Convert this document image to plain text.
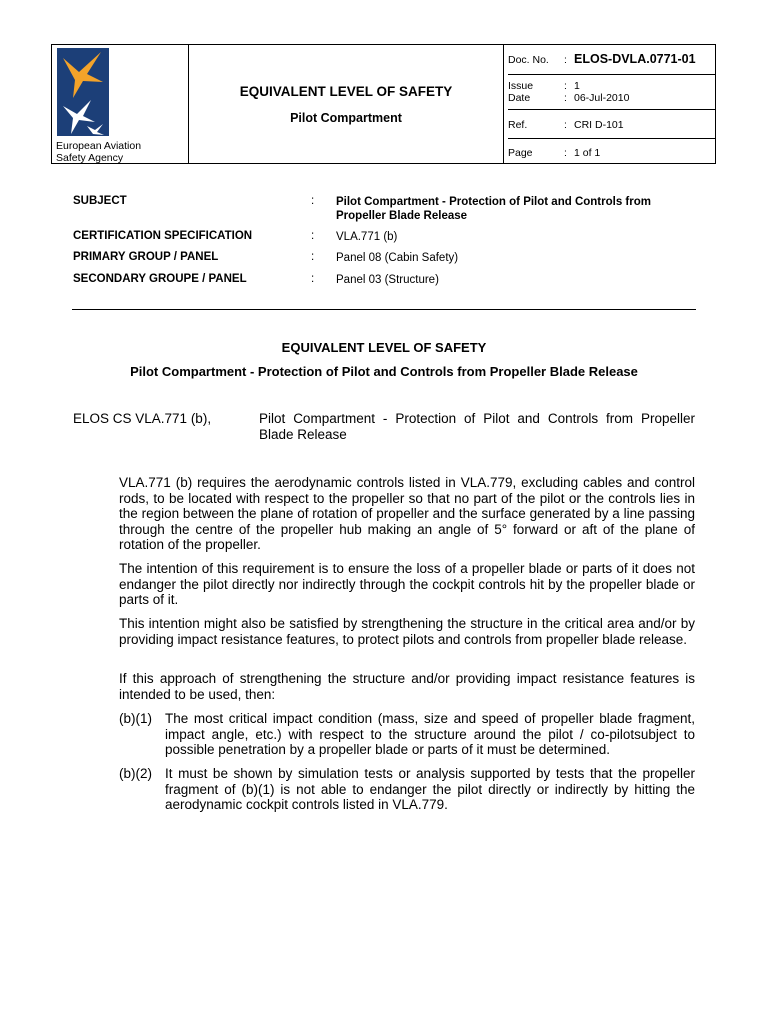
European Aviation
Safety Agency
EQUIVALENT LEVEL OF SAFETY
Pilot Compartment
Doc. No. : ELOS-DVLA.0771-01
Issue	: 1
Date	: 06-Jul-2010
Ref.	: CRI D-101
Page	: 1 of 1
SUBJECT	: Pilot Compartment - Protection of Pilot and Controls from Propeller Blade Release
CERTIFICATION SPECIFICATION	: VLA.771 (b)
PRIMARY GROUP / PANEL	: Panel 08 (Cabin Safety)
SECONDARY GROUPE / PANEL	: Panel 03 (Structure)
EQUIVALENT LEVEL OF SAFETY
Pilot Compartment - Protection of Pilot and Controls from Propeller Blade Release
ELOS CS VLA.771 (b),	Pilot Compartment - Protection of Pilot and Controls from Propeller Blade Release

VLA.771 (b) requires the aerodynamic controls listed in VLA.779, excluding cables and control rods, to be located with respect to the propeller so that no part of the pilot or the controls lies in the region between the plane of rotation of propeller and the surface generated by a line passing through the centre of the propeller hub making an angle of 5° forward or aft of the plane of rotation of the propeller.

The intention of this requirement is to ensure the loss of a propeller blade or parts of it does not endanger the pilot directly nor indirectly through the cockpit controls hit by the propeller blade or parts of it.

This intention might also be satisfied by strengthening the structure in the critical area and/or by providing impact resistance features, to protect pilots and controls from propeller blade release.

If this approach of strengthening the structure and/or providing impact resistance features is intended to be used, then:

(b)(1) The most critical impact condition (mass, size and speed of propeller blade fragment, impact angle, etc.) with respect to the structure around the pilot / co-pilotsubject to possible penetration by a propeller blade or parts of it must be determined.
(b)(2) It must be shown by simulation tests or analysis supported by tests that the propeller fragment of (b)(1) is not able to endanger the pilot directly or indirectly by hitting the aerodynamic cockpit controls listed in VLA.779.
